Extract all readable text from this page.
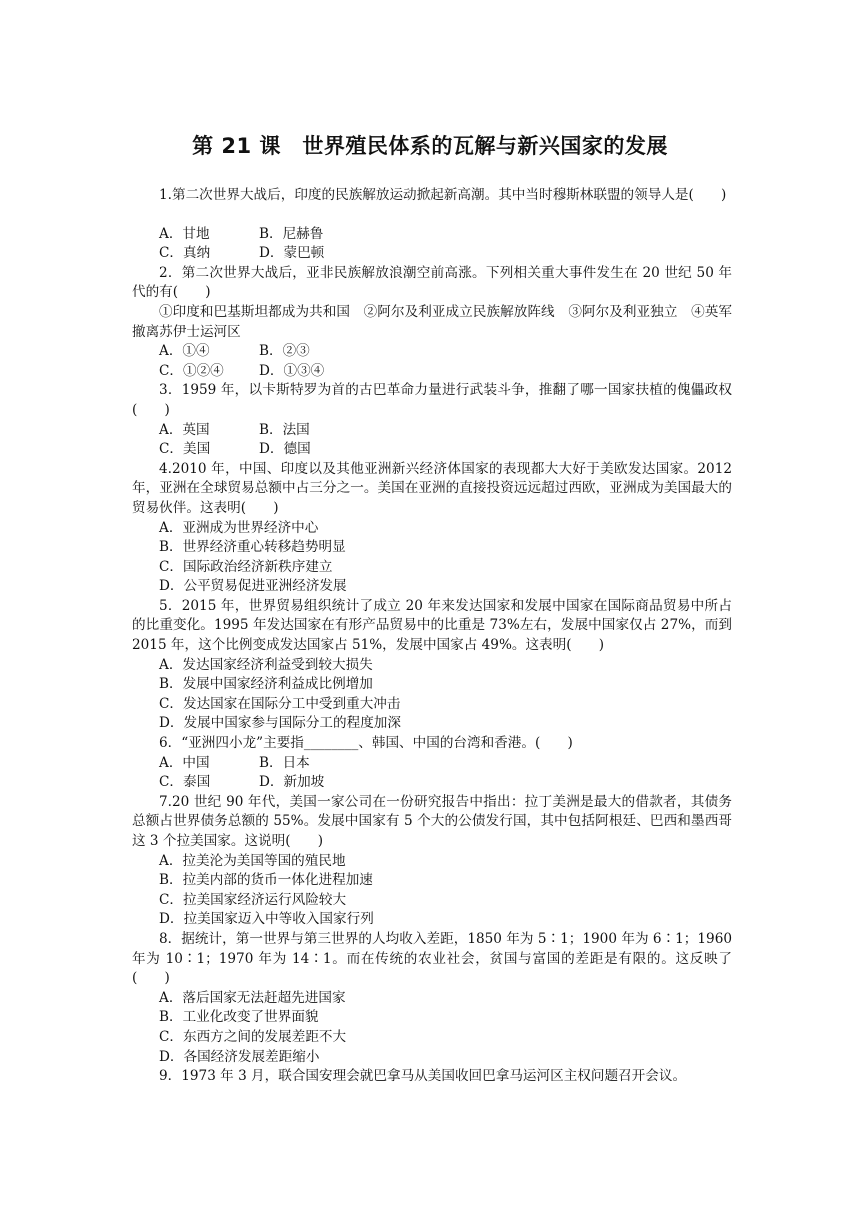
第 21 课　世界殖民体系的瓦解与新兴国家的发展
1.第二次世界大战后，印度的民族解放运动掀起新高潮。其中当时穆斯林联盟的领导人是(　　)
A．甘地	B．尼赫鲁
C．真纳	D．蒙巴顿
2．第二次世界大战后，亚非民族解放浪潮空前高涨。下列相关重大事件发生在 20 世纪 50 年代的有(　　)
①印度和巴基斯坦都成为共和国　②阿尔及利亚成立民族解放阵线　③阿尔及利亚独立　④英军撤离苏伊士运河区
A．①④	B．②③
C．①②④	D．①③④
3．1959 年，以卡斯特罗为首的古巴革命力量进行武装斗争，推翻了哪一国家扶植的傀儡政权(　　)
A．英国	B．法国
C．美国	D．德国
4.2010 年，中国、印度以及其他亚洲新兴经济体国家的表现都大大好于美欧发达国家。2012 年，亚洲在全球贸易总额中占三分之一。美国在亚洲的直接投资远远超过西欧，亚洲成为美国最大的贸易伙伴。这表明(　　)
A．亚洲成为世界经济中心
B．世界经济重心转移趋势明显
C．国际政治经济新秩序建立
D．公平贸易促进亚洲经济发展
5．2015 年，世界贸易组织统计了成立 20 年来发达国家和发展中国家在国际商品贸易中所占的比重变化。1995 年发达国家在有形产品贸易中的比重是 73%左右，发展中国家仅占 27%，而到 2015 年，这个比例变成发达国家占 51%，发展中国家占 49%。这表明(　　)
A．发达国家经济利益受到较大损失
B．发展中国家经济利益成比例增加
C．发达国家在国际分工中受到重大冲击
D．发展中国家参与国际分工的程度加深
6．“亚洲四小龙”主要指________、韩国、中国的台湾和香港。(　　)
A．中国	B．日本
C．泰国	D．新加坡
7.20 世纪 90 年代，美国一家公司在一份研究报告中指出：拉丁美洲是最大的借款者，其债务总额占世界债务总额的 55%。发展中国家有 5 个大的公债发行国，其中包括阿根廷、巴西和墨西哥这 3 个拉美国家。这说明(　　)
A．拉美沦为美国等国的殖民地
B．拉美内部的货币一体化进程加速
C．拉美国家经济运行风险较大
D．拉美国家迈入中等收入国家行列
8．据统计，第一世界与第三世界的人均收入差距，1850 年为 5∶1；1900 年为 6∶1；1960 年为 10∶1；1970 年为 14∶1。而在传统的农业社会，贫国与富国的差距是有限的。这反映了(　　)
A．落后国家无法赶超先进国家
B．工业化改变了世界面貌
C．东西方之间的发展差距不大
D．各国经济发展差距缩小
9．1973 年 3 月，联合国安理会就巴拿马从美国收回巴拿马运河区主权问题召开会议。
